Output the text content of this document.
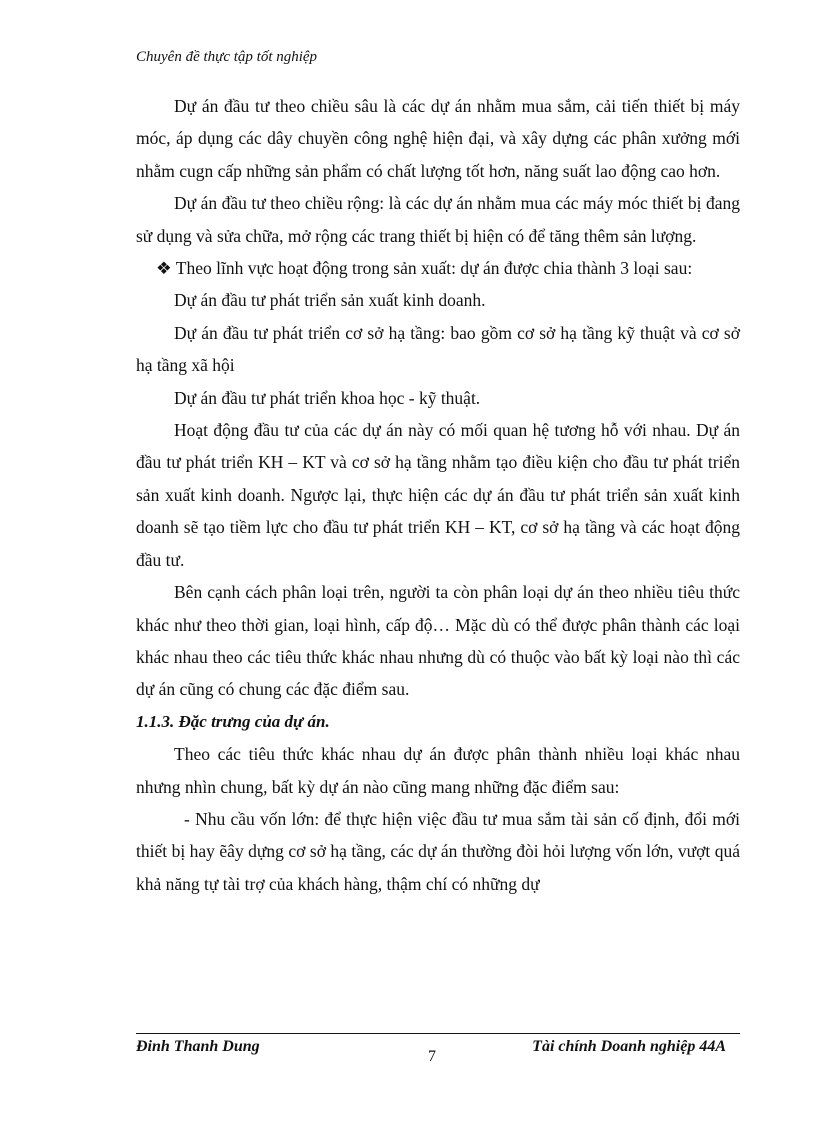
Chuyên đề thực tập tốt nghiệp

Dự án đầu tư theo chiều sâu là các dự án nhằm mua sắm, cải tiến thiết bị máy móc, áp dụng các dây chuyền công nghệ hiện đại, và xây dựng các phân xưởng mới nhằm cugn cấp những sản phẩm có chất lượng tốt hơn, năng suất lao động cao hơn.

Dự án đầu tư theo chiều rộng: là các dự án nhằm mua các máy móc thiết bị đang sử dụng và sửa chữa, mở rộng các trang thiết bị hiện có để tăng thêm sản lượng.

❖ Theo lĩnh vực hoạt động trong sản xuất: dự án được chia thành 3 loại sau:

Dự án đầu tư phát triển sản xuất kinh doanh.

Dự án đầu tư phát triển cơ sở hạ tầng: bao gồm cơ sở hạ tầng kỹ thuật và cơ sở hạ tầng xã hội

Dự án đầu tư phát triển khoa học - kỹ thuật.

Hoạt động đầu tư của các dự án này có mối quan hệ tương hỗ với nhau. Dự án đầu tư phát triển KH – KT và cơ sở hạ tầng nhằm tạo điều kiện cho đầu tư phát triển sản xuất kinh doanh. Ngược lại, thực hiện các dự án đầu tư phát triển sản xuất kinh doanh sẽ tạo tiềm lực cho đầu tư phát triển KH – KT, cơ sở hạ tầng và các hoạt động đầu tư.

Bên cạnh cách phân loại trên, người ta còn phân loại dự án theo nhiều tiêu thức khác như theo thời gian, loại hình, cấp độ… Mặc dù có thể được phân thành các loại khác nhau theo các tiêu thức khác nhau nhưng dù có thuộc vào bất kỳ loại nào thì các dự án cũng có chung các đặc điểm sau.

1.1.3. Đặc trưng của dự án.

Theo các tiêu thức khác nhau dự án được phân thành nhiều loại khác nhau nhưng nhìn chung, bất kỳ dự án nào cũng mang những đặc điểm sau:

- Nhu cầu vốn lớn: để thực hiện việc đầu tư mua sắm tài sản cố định, đổi mới thiết bị hay ẽây dựng cơ sở hạ tầng, các dự án thường đòi hỏi lượng vốn lớn, vượt quá khả năng tự tài trợ của khách hàng, thậm chí có những dự

Đinh Thanh Dung
7
Tài chính Doanh nghiệp 44A
